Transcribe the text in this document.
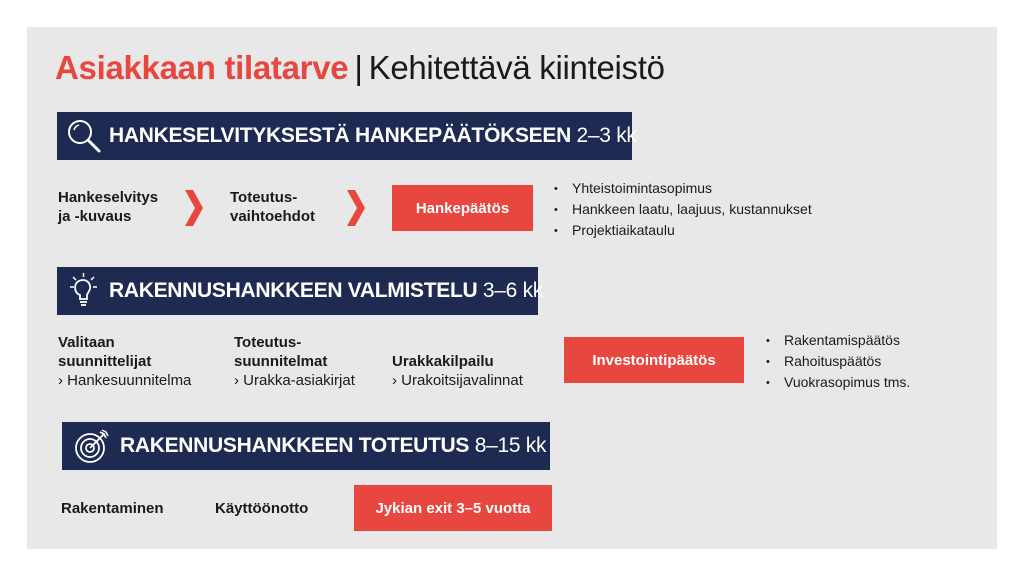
Asiakkaan tilatarve | Kehitettävä kiinteistö
HANKESELVITYKSESTÄ HANKEPÄÄTÖKSEEN 2–3 kk
Hankeselvitys
ja -kuvaus
Toteutus-
vaihtoehdot	Hankepäätös
• Yhteistoimintasopimus
• Hankkeen laatu, laajuus, kustannukset
• Projektiaikataulu
RAKENNUSHANKKEEN VALMISTELU 3–6 kk
Valitaan
suunnittelijat
› Hankesuunnitelma
Toteutus-
suunnitelmat
› Urakka-asiakirjat
Urakkakilpailu
› Urakoitsijavalinnat
Investointipäätös
• Rakentamispäätös
• Rahoituspäätös
• Vuokrasopimus tms.
RAKENNUSHANKKEEN TOTEUTUS 8–15 kk
Rakentaminen	Käyttöönotto	Jykian exit 3–5 vuotta
